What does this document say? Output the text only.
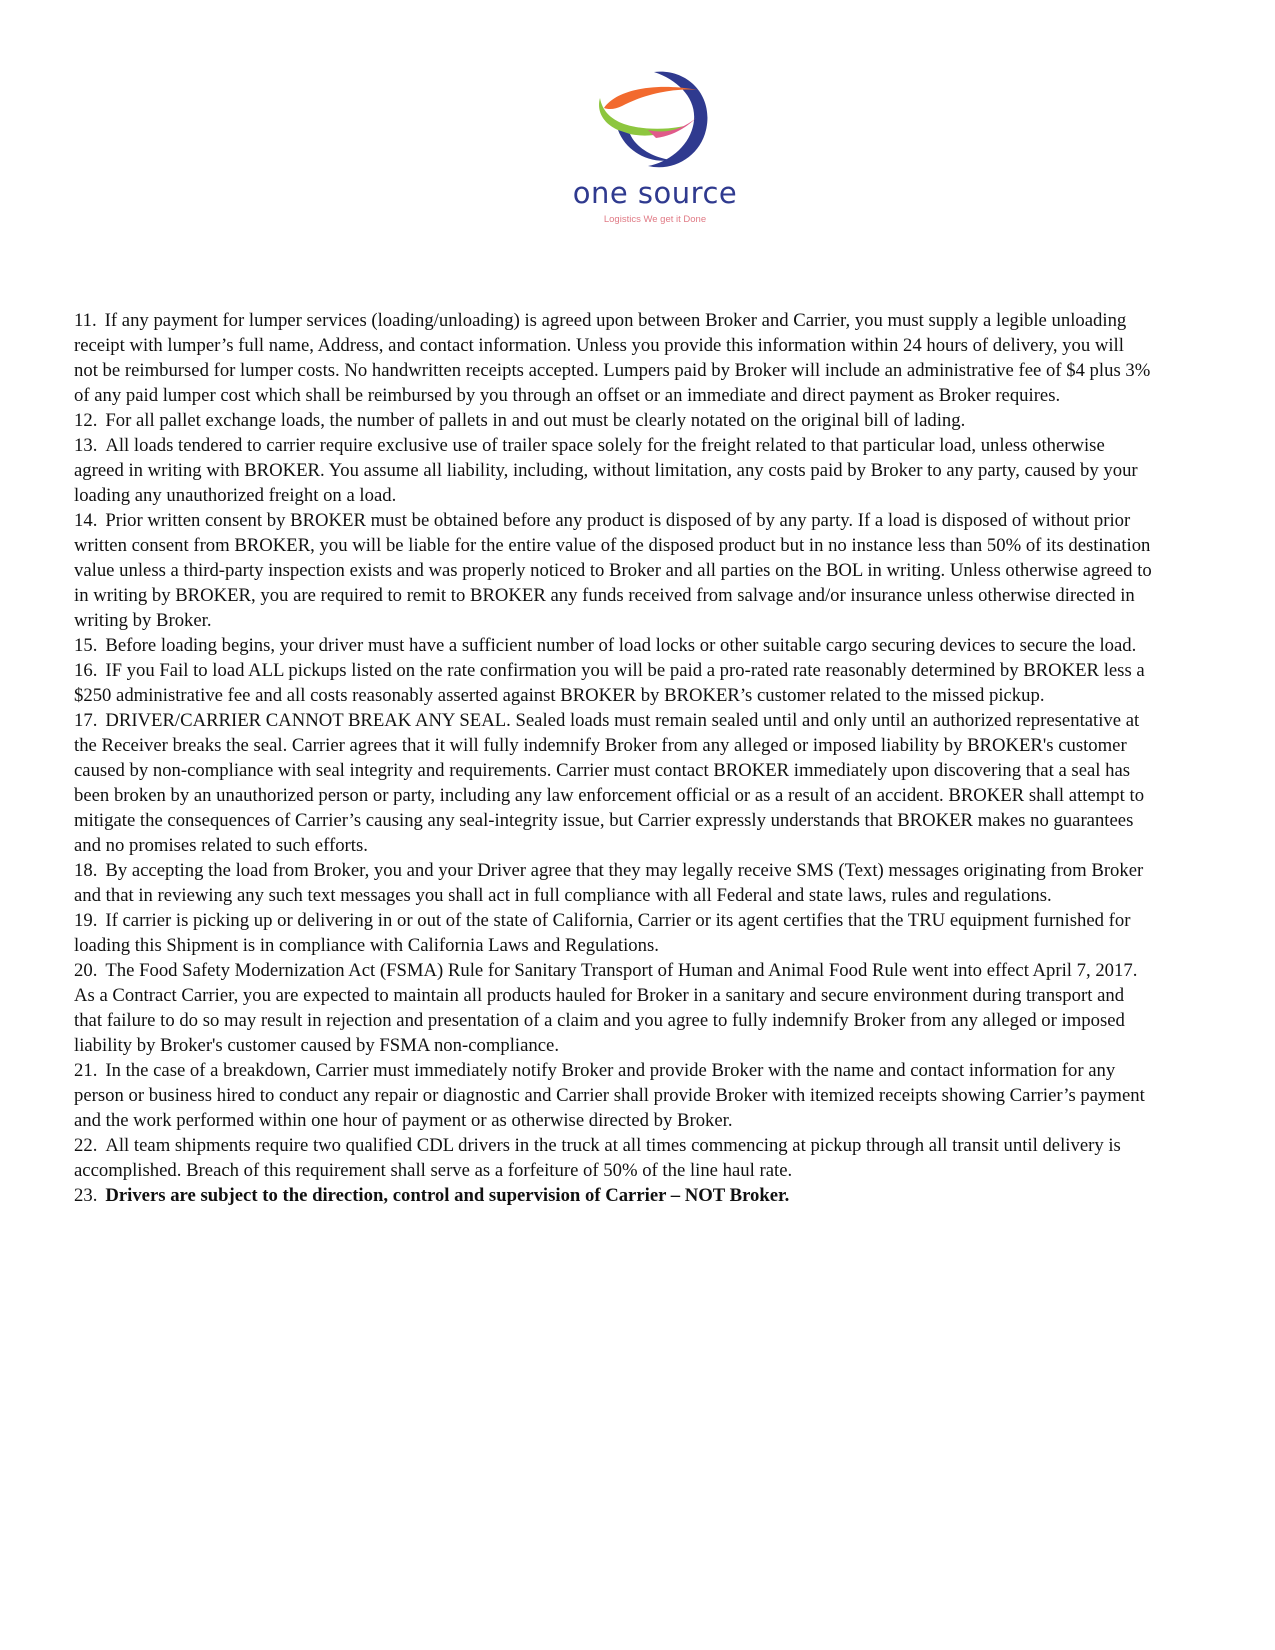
one source
Logistics We get it Done
11. If any payment for lumper services (loading/unloading) is agreed upon between Broker and Carrier, you must supply a legible unloading receipt with lumper’s full name, Address, and contact information. Unless you provide this information within 24 hours of delivery, you will not be reimbursed for lumper costs. No handwritten receipts accepted. Lumpers paid by Broker will include an administrative fee of $4 plus 3% of any paid lumper cost which shall be reimbursed by you through an offset or an immediate and direct payment as Broker requires.
12. For all pallet exchange loads, the number of pallets in and out must be clearly notated on the original bill of lading.
13. All loads tendered to carrier require exclusive use of trailer space solely for the freight related to that particular load, unless otherwise agreed in writing with BROKER. You assume all liability, including, without limitation, any costs paid by Broker to any party, caused by your loading any unauthorized freight on a load.
14. Prior written consent by BROKER must be obtained before any product is disposed of by any party. If a load is disposed of without prior written consent from BROKER, you will be liable for the entire value of the disposed product but in no instance less than 50% of its destination value unless a third-party inspection exists and was properly noticed to Broker and all parties on the BOL in writing. Unless otherwise agreed to in writing by BROKER, you are required to remit to BROKER any funds received from salvage and/or insurance unless otherwise directed in writing by Broker.
15. Before loading begins, your driver must have a sufficient number of load locks or other suitable cargo securing devices to secure the load.
16. IF you Fail to load ALL pickups listed on the rate confirmation you will be paid a pro-rated rate reasonably determined by BROKER less a $250 administrative fee and all costs reasonably asserted against BROKER by BROKER’s customer related to the missed pickup.
17. DRIVER/CARRIER CANNOT BREAK ANY SEAL. Sealed loads must remain sealed until and only until an authorized representative at the Receiver breaks the seal. Carrier agrees that it will fully indemnify Broker from any alleged or imposed liability by BROKER's customer caused by non-compliance with seal integrity and requirements. Carrier must contact BROKER immediately upon discovering that a seal has been broken by an unauthorized person or party, including any law enforcement official or as a result of an accident. BROKER shall attempt to mitigate the consequences of Carrier’s causing any seal-integrity issue, but Carrier expressly understands that BROKER makes no guarantees and no promises related to such efforts.
18. By accepting the load from Broker, you and your Driver agree that they may legally receive SMS (Text) messages originating from Broker and that in reviewing any such text messages you shall act in full compliance with all Federal and state laws, rules and regulations.
19. If carrier is picking up or delivering in or out of the state of California, Carrier or its agent certifies that the TRU equipment furnished for loading this Shipment is in compliance with California Laws and Regulations.
20. The Food Safety Modernization Act (FSMA) Rule for Sanitary Transport of Human and Animal Food Rule went into effect April 7, 2017. As a Contract Carrier, you are expected to maintain all products hauled for Broker in a sanitary and secure environment during transport and that failure to do so may result in rejection and presentation of a claim and you agree to fully indemnify Broker from any alleged or imposed liability by Broker's customer caused by FSMA non-compliance.
21. In the case of a breakdown, Carrier must immediately notify Broker and provide Broker with the name and contact information for any person or business hired to conduct any repair or diagnostic and Carrier shall provide Broker with itemized receipts showing Carrier’s payment and the work performed within one hour of payment or as otherwise directed by Broker.
22. All team shipments require two qualified CDL drivers in the truck at all times commencing at pickup through all transit until delivery is accomplished. Breach of this requirement shall serve as a forfeiture of 50% of the line haul rate.
23. Drivers are subject to the direction, control and supervision of Carrier – NOT Broker.
